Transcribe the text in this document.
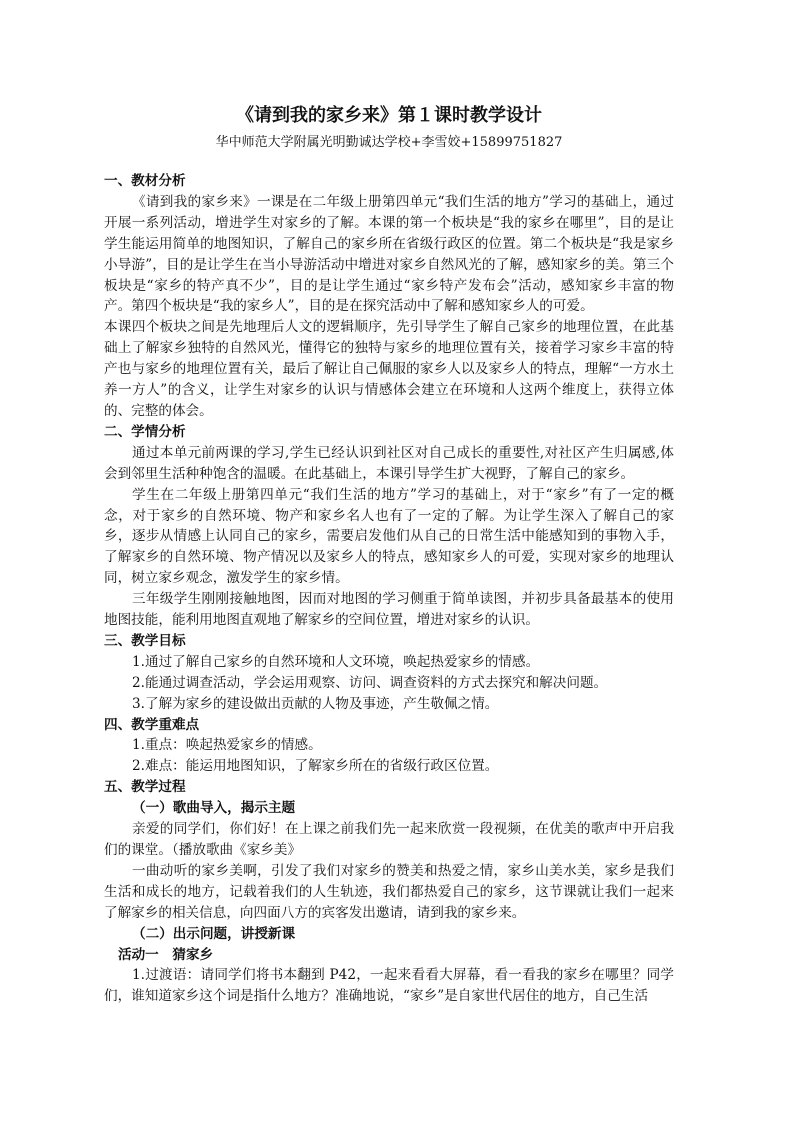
《请到我的家乡来》第１课时教学设计
华中师范大学附属光明勤诚达学校+李雪姣+15899751827
一、教材分析
《请到我的家乡来》一课是在二年级上册第四单元“我们生活的地方”学习的基础上，通过开展一系列活动，增进学生对家乡的了解。本课的第一个板块是“我的家乡在哪里”，目的是让学生能运用简单的地图知识，了解自己的家乡所在省级行政区的位置。第二个板块是“我是家乡小导游”，目的是让学生在当小导游活动中增进对家乡自然风光的了解，感知家乡的美。第三个板块是“家乡的特产真不少”，目的是让学生通过“家乡特产发布会”活动，感知家乡丰富的物产。第四个板块是“我的家乡人”，目的是在探究活动中了解和感知家乡人的可爱。
本课四个板块之间是先地理后人文的逻辑顺序，先引导学生了解自己家乡的地理位置，在此基础上了解家乡独特的自然风光，懂得它的独特与家乡的地理位置有关，接着学习家乡丰富的特产也与家乡的地理位置有关，最后了解让自己佩服的家乡人以及家乡人的特点，理解“一方水土养一方人”的含义，让学生对家乡的认识与情感体会建立在环境和人这两个维度上，获得立体的、完整的体会。
二、学情分析
通过本单元前两课的学习,学生已经认识到社区对自己成长的重要性,对社区产生归属感,体会到邻里生活种种饱含的温暖。在此基础上，本课引导学生扩大视野，了解自己的家乡。
学生在二年级上册第四单元“我们生活的地方”学习的基础上，对于“家乡”有了一定的概念，对于家乡的自然环境、物产和家乡名人也有了一定的了解。为让学生深入了解自己的家乡，逐步从情感上认同自己的家乡，需要启发他们从自己的日常生活中能感知到的事物入手，了解家乡的自然环境、物产情况以及家乡人的特点，感知家乡人的可爱，实现对家乡的地理认同，树立家乡观念，激发学生的家乡情。
三年级学生刚刚接触地图，因而对地图的学习侧重于简单读图，并初步具备最基本的使用地图技能，能利用地图直观地了解家乡的空间位置，增进对家乡的认识。
三、教学目标
1.通过了解自己家乡的自然环境和人文环境，唤起热爱家乡的情感。
2.能通过调查活动，学会运用观察、访问、调查资料的方式去探究和解决问题。
3.了解为家乡的建设做出贡献的人物及事迹，产生敬佩之情。
四、教学重难点
1.重点：唤起热爱家乡的情感。
2.难点：能运用地图知识，了解家乡所在的省级行政区位置。
五、教学过程
（一）歌曲导入，揭示主题
亲爱的同学们，你们好！在上课之前我们先一起来欣赏一段视频，在优美的歌声中开启我们的课堂。（播放歌曲《家乡美》
一曲动听的家乡美啊，引发了我们对家乡的赞美和热爱之情，家乡山美水美，家乡是我们生活和成长的地方，记载着我们的人生轨迹，我们都热爱自己的家乡，这节课就让我们一起来了解家乡的相关信息，向四面八方的宾客发出邀请，请到我的家乡来。
（二）出示问题，讲授新课
活动一　猜家乡
1.过渡语：请同学们将书本翻到 P42，一起来看看大屏幕，看一看我的家乡在哪里？同学们，谁知道家乡这个词是指什么地方？准确地说，“家乡”是自家世代居住的地方，自己生活
